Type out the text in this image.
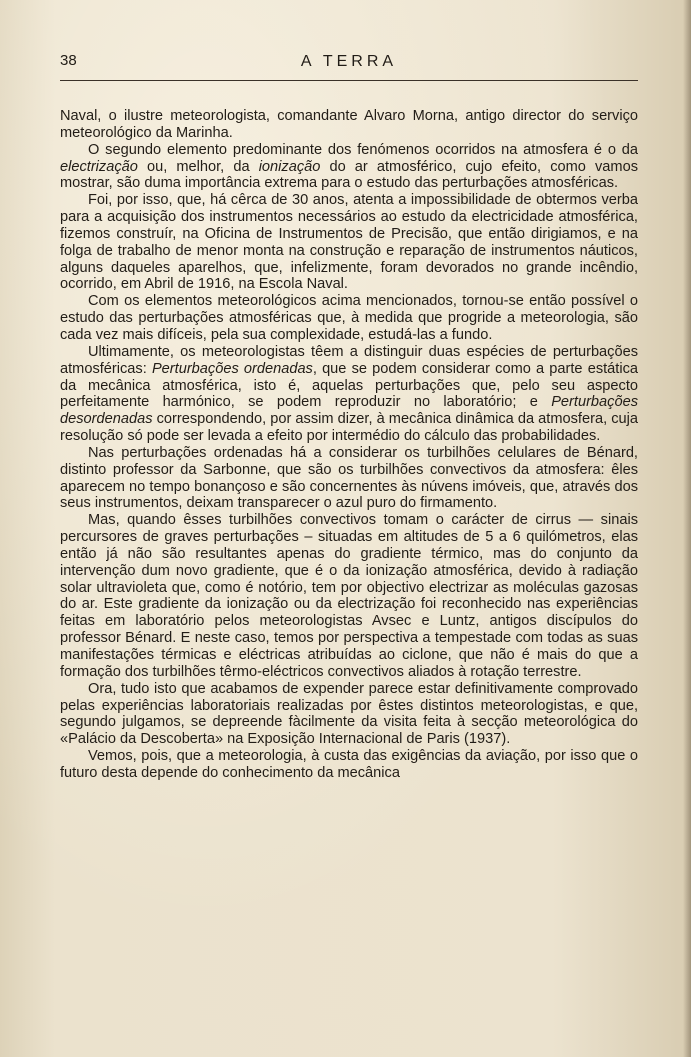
38	A TERRA

Naval, o ilustre meteorologista, comandante Alvaro Morna, antigo director do serviço meteorológico da Marinha.

O segundo elemento predominante dos fenómenos ocorridos na atmosfera é o da electrização ou, melhor, da ionização do ar atmosférico, cujo efeito, como vamos mostrar, são duma importância extrema para o estudo das perturbações atmosféricas.

Foi, por isso, que, há cêrca de 30 anos, atenta a impossibilidade de obtermos verba para a acquisição dos instrumentos necessários ao estudo da electricidade atmosférica, fizemos construír, na Oficina de Instrumentos de Precisão, que então dirigiamos, e na folga de trabalho de menor monta na construção e reparação de instrumentos náuticos, alguns daqueles aparelhos, que, infelizmente, foram devorados no grande incêndio, ocorrido, em Abril de 1916, na Escola Naval.

Com os elementos meteorológicos acima mencionados, tornou-se então possível o estudo das perturbações atmosféricas que, à medida que progride a meteorologia, são cada vez mais difíceis, pela sua complexidade, estudá-las a fundo.

Ultimamente, os meteorologistas têem a distinguir duas espécies de perturbações atmosféricas: Perturbações ordenadas, que se podem considerar como a parte estática da mecânica atmosférica, isto é, aquelas perturbações que, pelo seu aspecto perfeitamente harmónico, se podem reproduzir no laboratório; e Perturbações desordenadas correspondendo, por assim dizer, à mecânica dinâmica da atmosfera, cuja resolução só pode ser levada a efeito por intermédio do cálculo das probabilidades.

Nas perturbações ordenadas há a considerar os turbilhões celulares de Bénard, distinto professor da Sarbonne, que são os turbilhões convectivos da atmosfera: êles aparecem no tempo bonançoso e são concernentes às núvens imóveis, que, através dos seus instrumentos, deixam transparecer o azul puro do firmamento.

Mas, quando êsses turbilhões convectivos tomam o carácter de cirrus — sinais percursores de graves perturbações – situadas em altitudes de 5 a 6 quilómetros, elas então já não são resultantes apenas do gradiente térmico, mas do conjunto da intervenção dum novo gradiente, que é o da ionização atmosférica, devido à radiação solar ultravioleta que, como é notório, tem por objectivo electrizar as moléculas gazosas do ar. Este gradiente da ionização ou da electrização foi reconhecido nas experiências feitas em laboratório pelos meteorologistas Avsec e Luntz, antigos discípulos do professor Bénard. E neste caso, temos por perspectiva a tempestade com todas as suas manifestações térmicas e eléctricas atribuídas ao ciclone, que não é mais do que a formação dos turbilhões têrmo-eléctricos convectivos aliados à rotação terrestre.

Ora, tudo isto que acabamos de expender parece estar definitivamente comprovado pelas experiências laboratoriais realizadas por êstes distintos meteorologistas, e que, segundo julgamos, se depreende fàcilmente da visita feita à secção meteorológica do «Palácio da Descoberta» na Exposição Internacional de Paris (1937).

Vemos, pois, que a meteorologia, à custa das exigências da aviação, por isso que o futuro desta depende do conhecimento da mecânica
